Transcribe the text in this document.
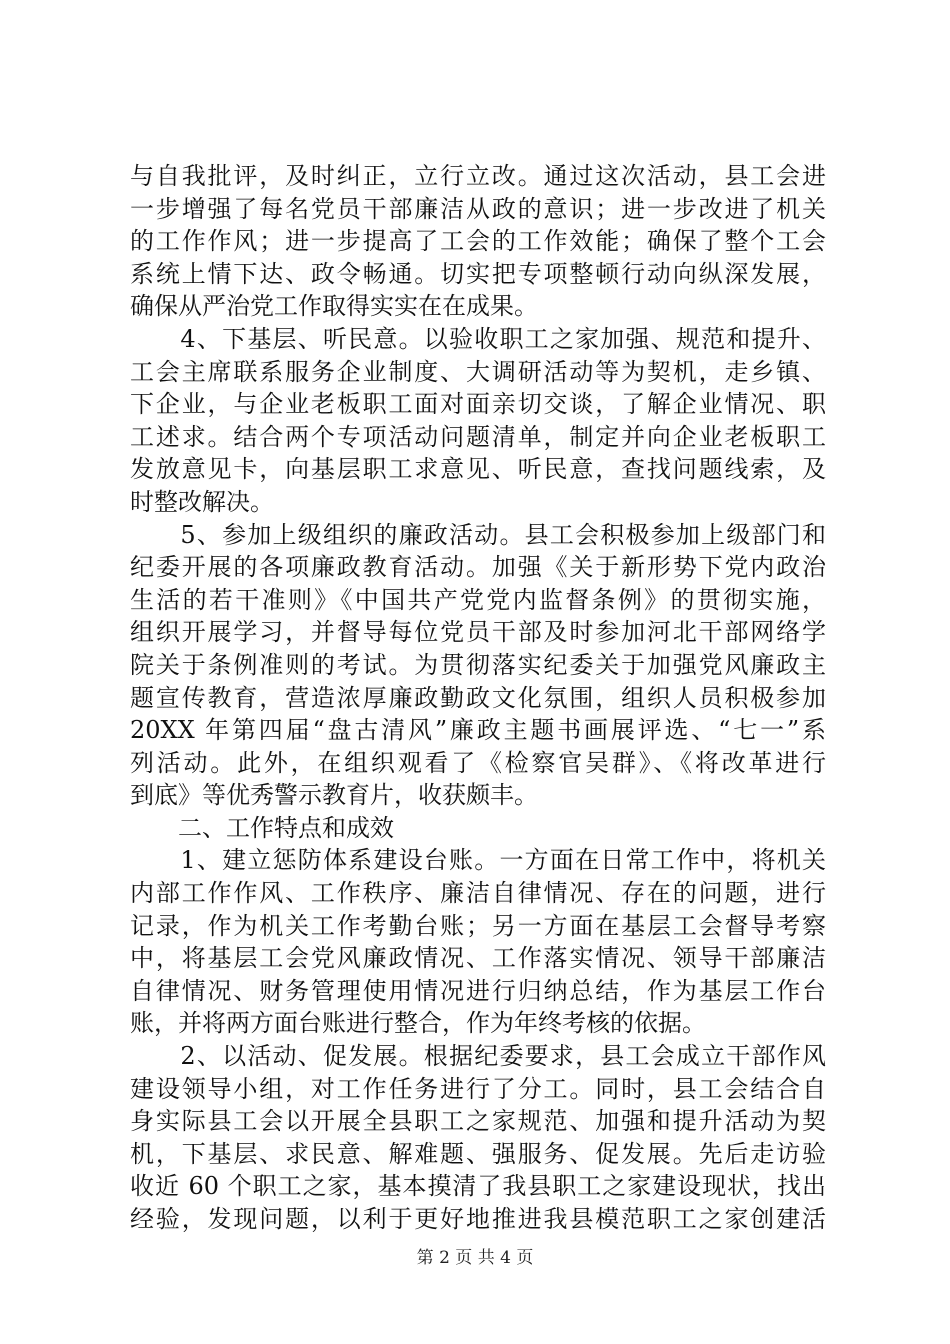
与自我批评，及时纠正，立行立改。通过这次活动，县工会进
一步增强了每名党员干部廉洁从政的意识；进一步改进了机关
的工作作风；进一步提高了工会的工作效能；确保了整个工会
系统上情下达、政令畅通。切实把专项整顿行动向纵深发展，
确保从严治党工作取得实实在在成果。
　　4、下基层、听民意。以验收职工之家加强、规范和提升、
工会主席联系服务企业制度、大调研活动等为契机，走乡镇、
下企业，与企业老板职工面对面亲切交谈，了解企业情况、职
工述求。结合两个专项活动问题清单，制定并向企业老板职工
发放意见卡，向基层职工求意见、听民意，查找问题线索，及
时整改解决。
　　5、参加上级组织的廉政活动。县工会积极参加上级部门和
纪委开展的各项廉政教育活动。加强《关于新形势下党内政治
生活的若干准则》《中国共产党党内监督条例》的贯彻实施，
组织开展学习，并督导每位党员干部及时参加河北干部网络学
院关于条例准则的考试。为贯彻落实纪委关于加强党风廉政主
题宣传教育，营造浓厚廉政勤政文化氛围，组织人员积极参加
20XX 年第四届“盘古清风”廉政主题书画展评选、“七一”系
列活动。此外，在组织观看了《检察官吴群》、《将改革进行
到底》等优秀警示教育片，收获颇丰。
　　二、工作特点和成效
　　1、建立惩防体系建设台账。一方面在日常工作中，将机关
内部工作作风、工作秩序、廉洁自律情况、存在的问题，进行
记录，作为机关工作考勤台账；另一方面在基层工会督导考察
中，将基层工会党风廉政情况、工作落实情况、领导干部廉洁
自律情况、财务管理使用情况进行归纳总结，作为基层工作台
账，并将两方面台账进行整合，作为年终考核的依据。
　　2、以活动、促发展。根据纪委要求，县工会成立干部作风
建设领导小组，对工作任务进行了分工。同时，县工会结合自
身实际县工会以开展全县职工之家规范、加强和提升活动为契
机，下基层、求民意、解难题、强服务、促发展。先后走访验
收近 60 个职工之家，基本摸清了我县职工之家建设现状，找出
经验，发现问题，以利于更好地推进我县模范职工之家创建活
第 2 页 共 4 页
